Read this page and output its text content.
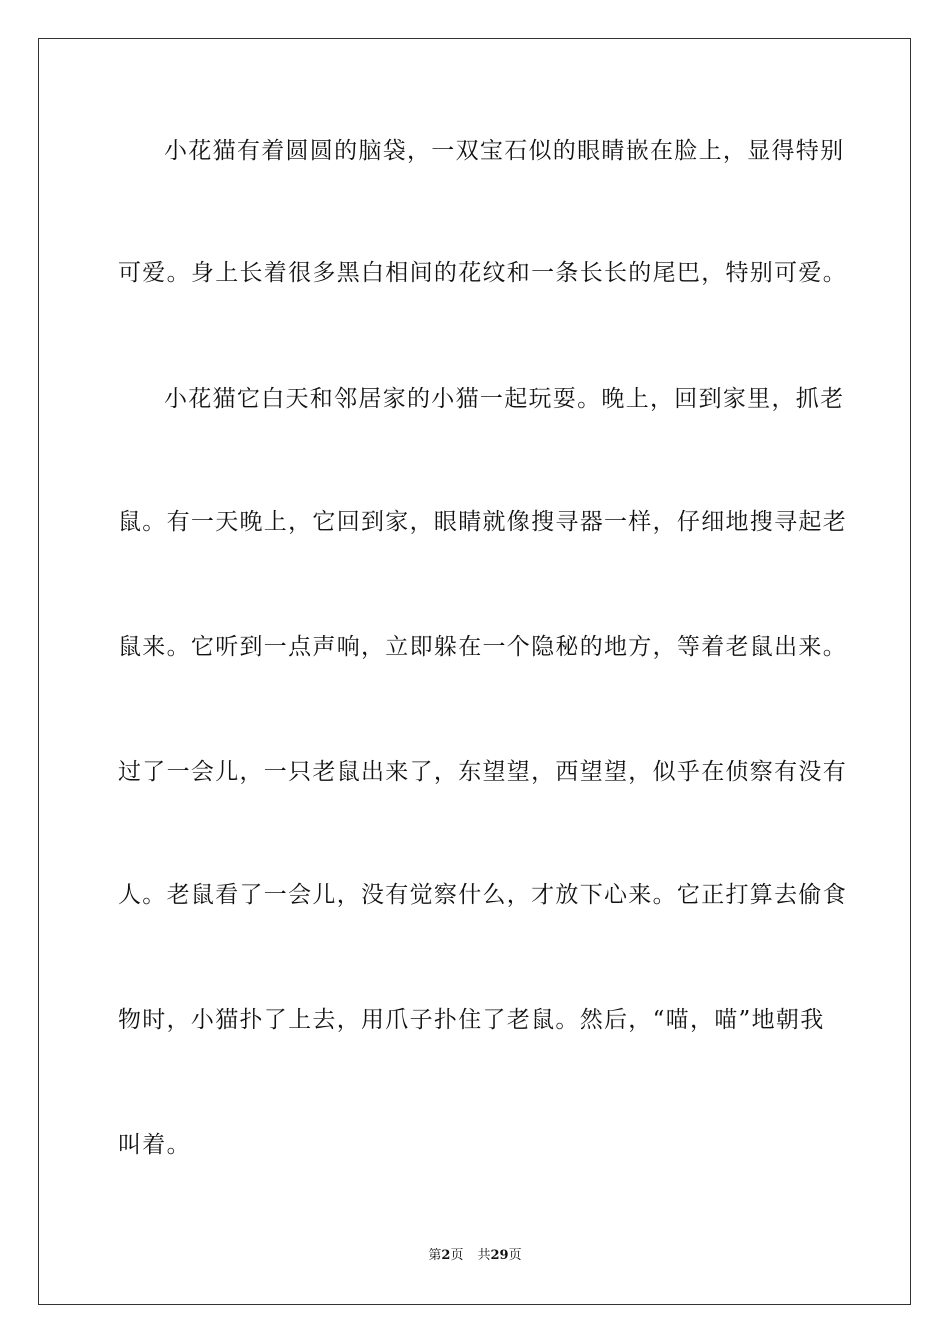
小花猫有着圆圆的脑袋，一双宝石似的眼睛嵌在脸上，显得特别
可爱。身上长着很多黑白相间的花纹和一条长长的尾巴，特别可爱。
小花猫它白天和邻居家的小猫一起玩耍。晚上，回到家里，抓老
鼠。有一天晚上，它回到家，眼睛就像搜寻器一样，仔细地搜寻起老
鼠来。它听到一点声响，立即躲在一个隐秘的地方，等着老鼠出来。
过了一会儿，一只老鼠出来了，东望望，西望望，似乎在侦察有没有
人。老鼠看了一会儿，没有觉察什么，才放下心来。它正打算去偷食
物时，小猫扑了上去，用爪子扑住了老鼠。然后，“喵，喵”地朝我
叫着。
第2页 共29页
